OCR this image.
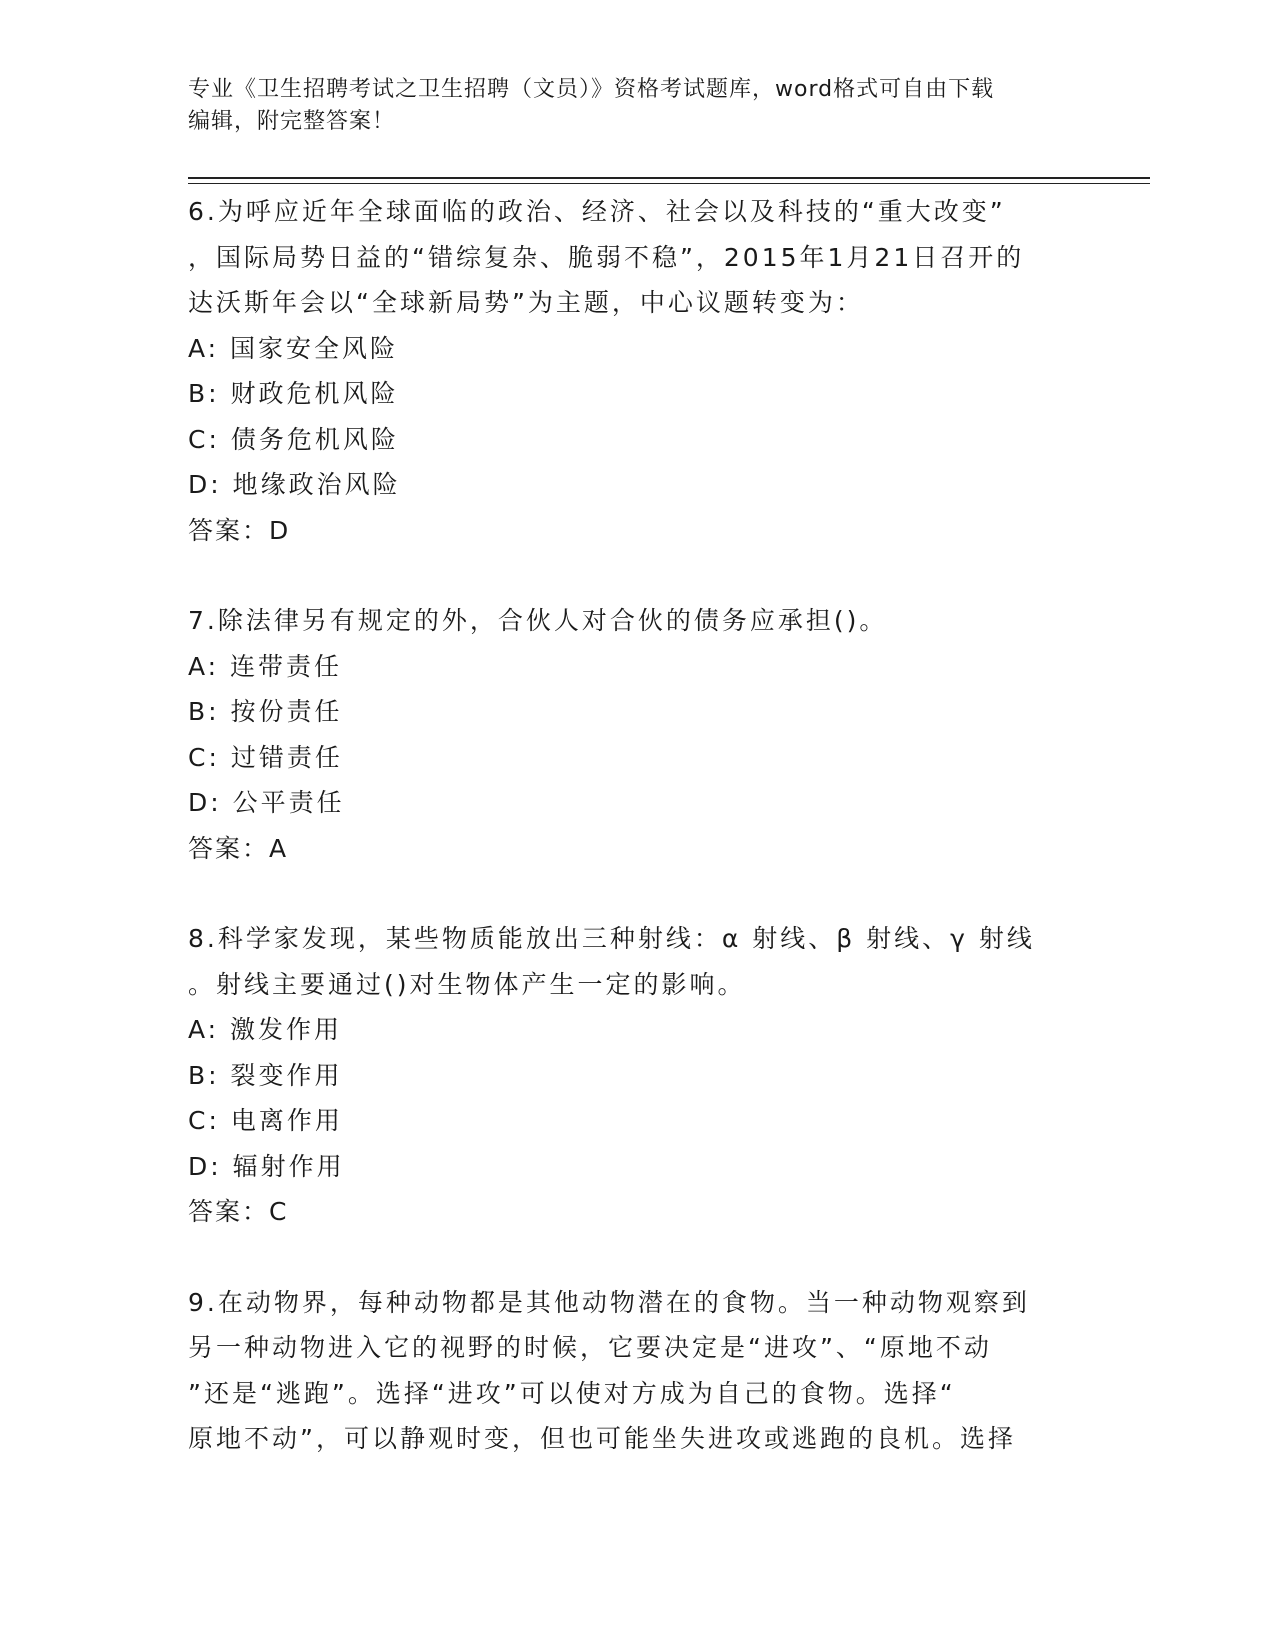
专业《卫生招聘考试之卫生招聘（文员）》资格考试题库，word格式可自由下载
编辑，附完整答案！
6.为呼应近年全球面临的政治、经济、社会以及科技的“重大改变”
，国际局势日益的“错综复杂、脆弱不稳”，2015年1月21日召开的
达沃斯年会以“全球新局势”为主题，中心议题转变为：
A: 国家安全风险
B: 财政危机风险
C: 债务危机风险
D: 地缘政治风险
答案：D
7.除法律另有规定的外，合伙人对合伙的债务应承担()。
A: 连带责任
B: 按份责任
C: 过错责任
D: 公平责任
答案：A
8.科学家发现，某些物质能放出三种射线：α 射线、β 射线、γ 射线
。射线主要通过()对生物体产生一定的影响。
A: 激发作用
B: 裂变作用
C: 电离作用
D: 辐射作用
答案：C
9.在动物界，每种动物都是其他动物潜在的食物。当一种动物观察到
另一种动物进入它的视野的时候，它要决定是“进攻”、“原地不动
”还是“逃跑”。选择“进攻”可以使对方成为自己的食物。选择“
原地不动”，可以静观时变，但也可能坐失进攻或逃跑的良机。选择
